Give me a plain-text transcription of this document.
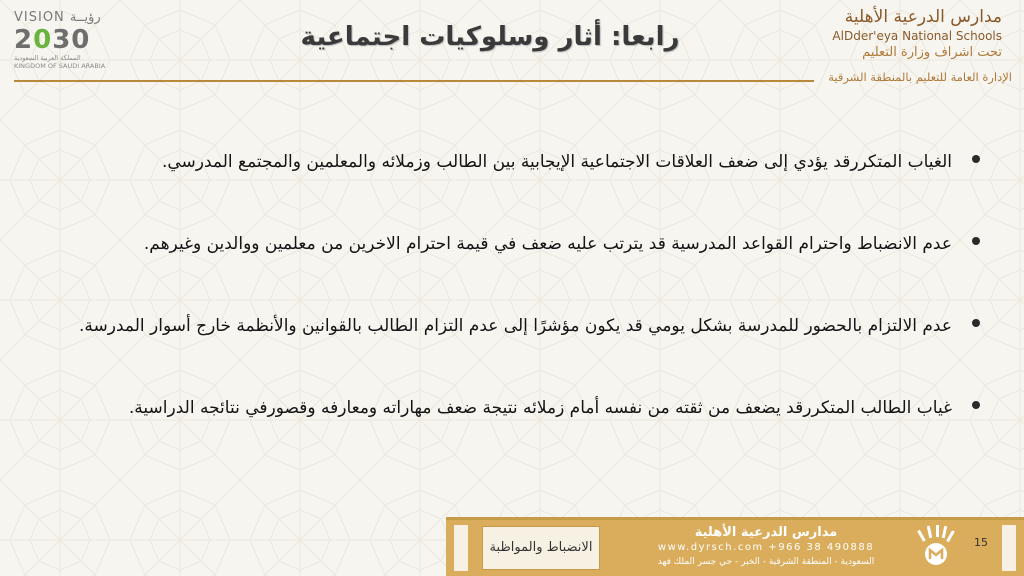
VISION رؤيــة
2030
المملكة العربية السعودية
KINGDOM OF SAUDI ARABIA
رابعا: أثار وسلوكيات اجتماعية
مدارس الدرعية الأهلية
AlDder'eya National Schools
تحت اشراف وزارة التعليم
الإدارة العامة للتعليم بالمنطقة الشرقية
الغياب المتكررقد يؤدي إلى ضعف العلاقات الاجتماعية الإيجابية بين الطالب وزملائه والمعلمين والمجتمع المدرسي.
عدم الانضباط واحترام القواعد المدرسية قد يترتب عليه ضعف في قيمة احترام الاخرين من معلمين ووالدين وغيرهم.
عدم الالتزام بالحضور للمدرسة بشكل يومي قد يكون مؤشرًا إلى عدم التزام الطالب بالقوانين والأنظمة خارج أسوار المدرسة.
غياب الطالب المتكررقد يضعف من ثقته من نفسه أمام زملائه نتيجة ضعف مهاراته ومعارفه وقصورفي نتائجه الدراسية.
الانضباط والمواظبة
مدارس الدرعية الأهلية
www.dyrsch.com +966 38 490888
السعودية - المنطقة الشرقية - الخبر - حي جسر الملك فهد
15
